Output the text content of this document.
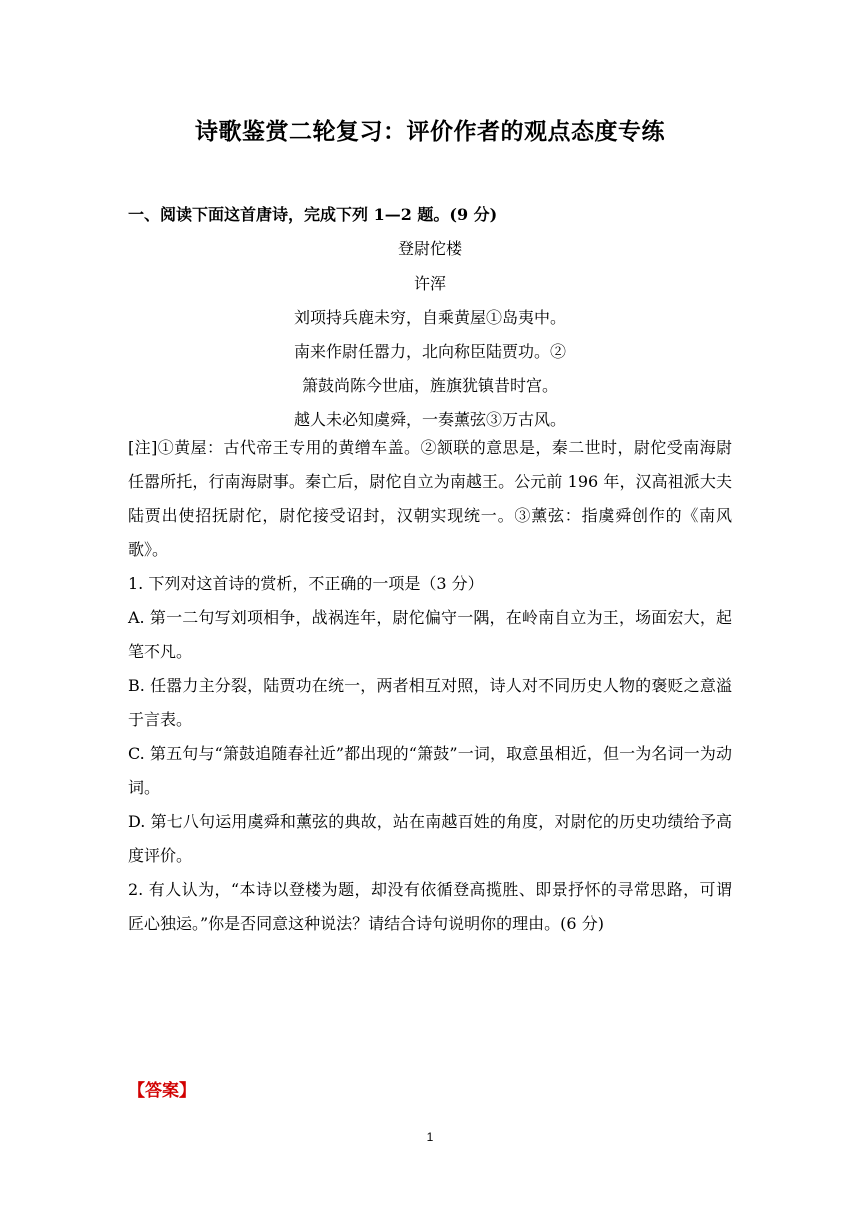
诗歌鉴赏二轮复习：评价作者的观点态度专练
一、阅读下面这首唐诗，完成下列 1—2 题。(9 分)
登尉佗楼
许浑
刘项持兵鹿未穷，自乘黄屋①岛夷中。
南来作尉任嚣力，北向称臣陆贾功。②
箫鼓尚陈今世庙，旌旗犹镇昔时宫。
越人未必知虞舜，一奏薰弦③万古风。
[注]①黄屋：古代帝王专用的黄缯车盖。②颔联的意思是，秦二世时，尉佗受南海尉任嚣所托，行南海尉事。秦亡后，尉佗自立为南越王。公元前 196 年，汉高祖派大夫陆贾出使招抚尉佗，尉佗接受诏封，汉朝实现统一。③薰弦：指虞舜创作的《南风歌》。
1. 下列对这首诗的赏析，不正确的一项是（3 分）
A. 第一二句写刘项相争，战祸连年，尉佗偏守一隅，在岭南自立为王，场面宏大，起笔不凡。
B. 任嚣力主分裂，陆贾功在统一，两者相互对照，诗人对不同历史人物的褒贬之意溢于言表。
C. 第五句与“箫鼓追随春社近”都出现的“箫鼓”一词，取意虽相近，但一为名词一为动词。
D. 第七八句运用虞舜和薰弦的典故，站在南越百姓的角度，对尉佗的历史功绩给予高度评价。
2. 有人认为，“本诗以登楼为题，却没有依循登高揽胜、即景抒怀的寻常思路，可谓匠心独运。”你是否同意这种说法？请结合诗句说明你的理由。(6 分)
【答案】
1
